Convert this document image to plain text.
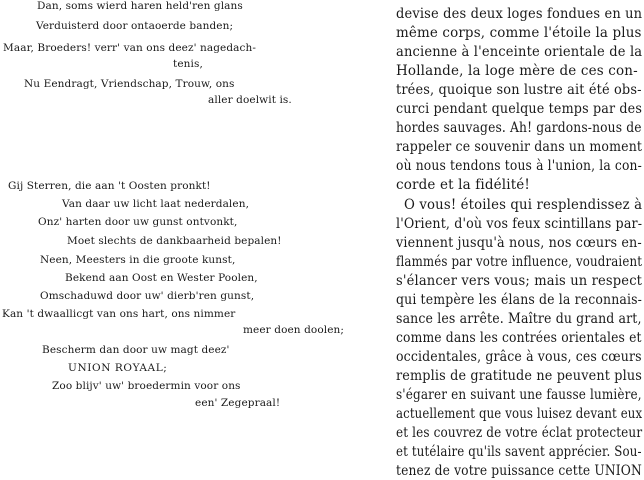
Dan, soms wierd haren held'ren glans
Verduisterd door ontaoerde banden;
Maar, Broeders! verr' van ons deez' nagedach-
tenis,
Nu Eendragt, Vriendschap, Trouw, ons
aller doelwit is.
Gij Sterren, die aan 't Oosten pronkt!
Van daar uw licht laat nederdalen,
Onz' harten door uw gunst ontvonkt,
Moet slechts de dankbaarheid bepalen!
Neen, Meesters in die groote kunst,
Bekend aan Oost en Wester Poolen,
Omschaduwd door uw' dierb'ren gunst,
Kan 't dwaallicgt van ons hart, ons nimmer
meer doen doolen;
Bescherm dan door uw magt deez'
UNION ROYAAL;
Zoo blijv' uw' broedermin voor ons
een' Zegepraal!
devise des deux loges fondues en un
même corps, comme l'étoile la plus
ancienne à l'enceinte orientale de la
Hollande, la loge mère de ces con-
trées, quoique son lustre ait été obs-
curci pendant quelque temps par des
hordes sauvages. Ah! gardons-nous de
rappeler ce souvenir dans un moment
où nous tendons tous à l'union, la con-
corde et la fidélité!
O vous! étoiles qui resplendissez à
l'Orient, d'où vos feux scintillans par-
viennent jusqu'à nous, nos cœurs en-
flammés par votre influence, voudraient
s'élancer vers vous; mais un respect
qui tempère les élans de la reconnais-
sance les arrête. Maître du grand art,
comme dans les contrées orientales et
occidentales, grâce à vous, ces cœurs
remplis de gratitude ne peuvent plus
s'égarer en suivant une fausse lumière,
actuellement que vous luisez devant eux
et les couvrez de votre éclat protecteur
et tutélaire qu'ils savent apprécier. Sou-
tenez de votre puissance cette UNION
